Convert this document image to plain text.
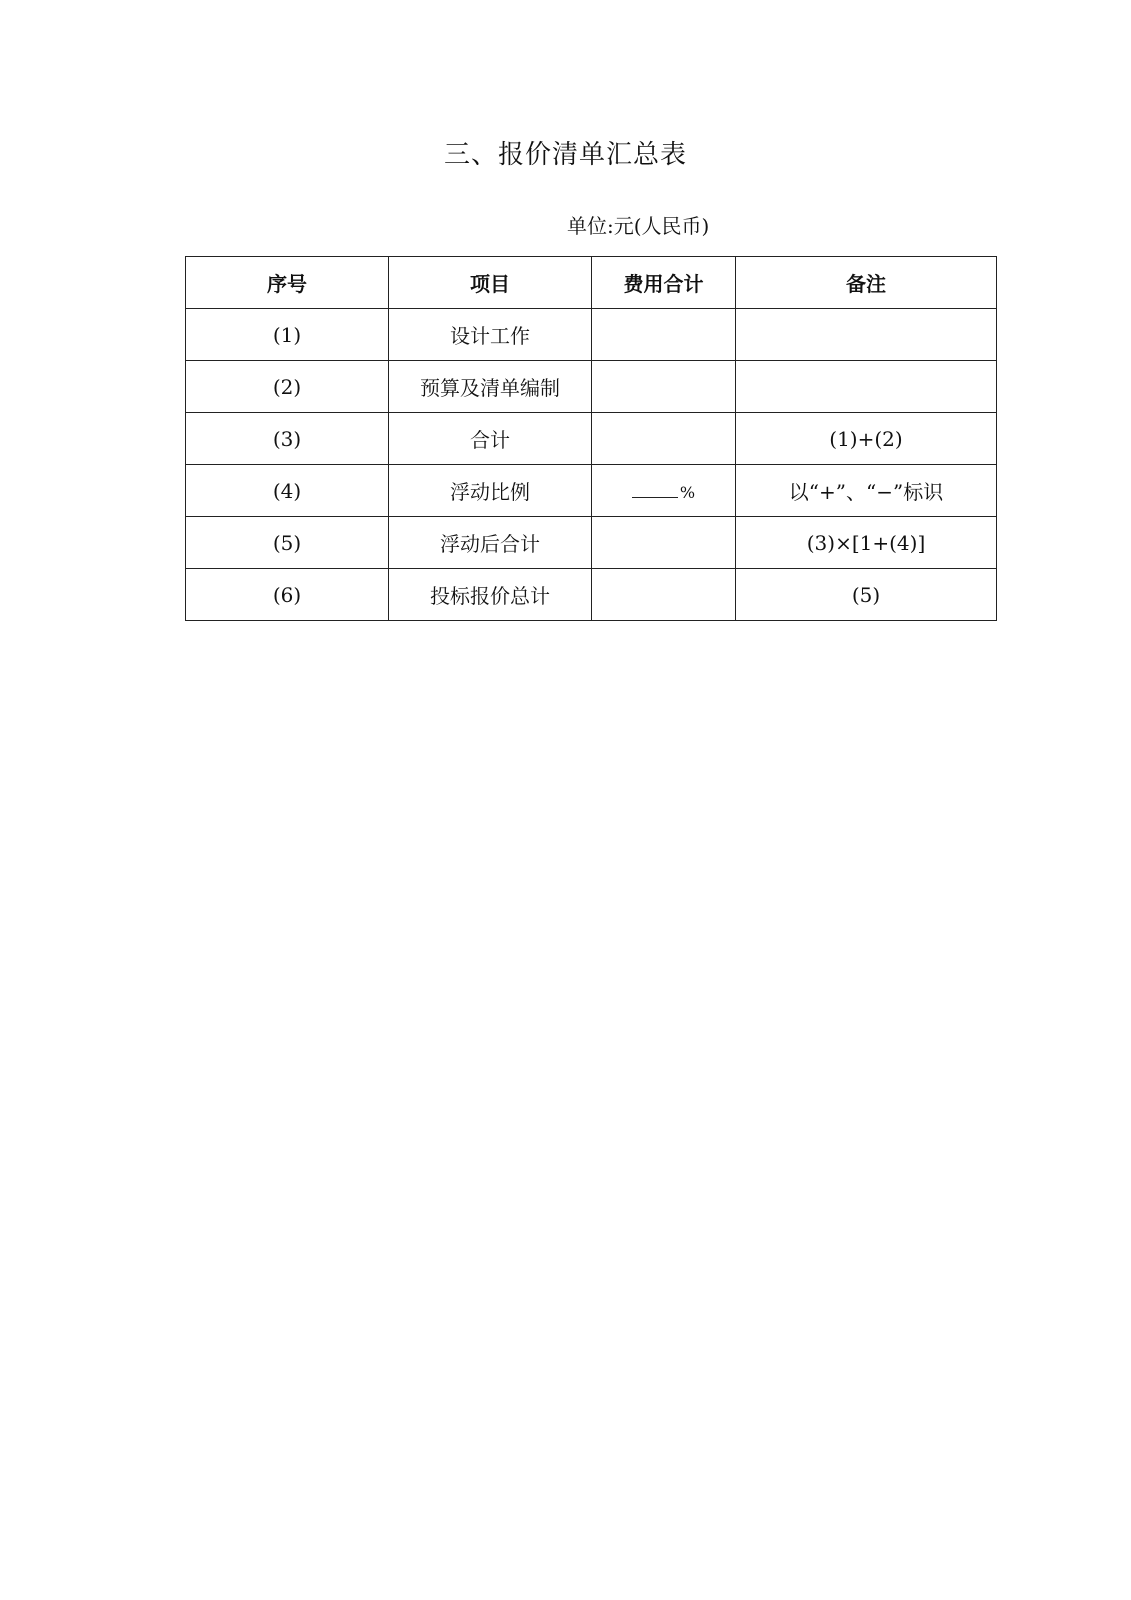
三、报价清单汇总表
单位:元(人民币)
序号	项目	费用合计	备注
(1)	设计工作		
(2)	预算及清单编制		
(3)	合计		(1)+(2)
(4)	浮动比例	%	以“+”、“−”标识
(5)	浮动后合计		(3)×[1+(4)]
(6)	投标报价总计		(5)
